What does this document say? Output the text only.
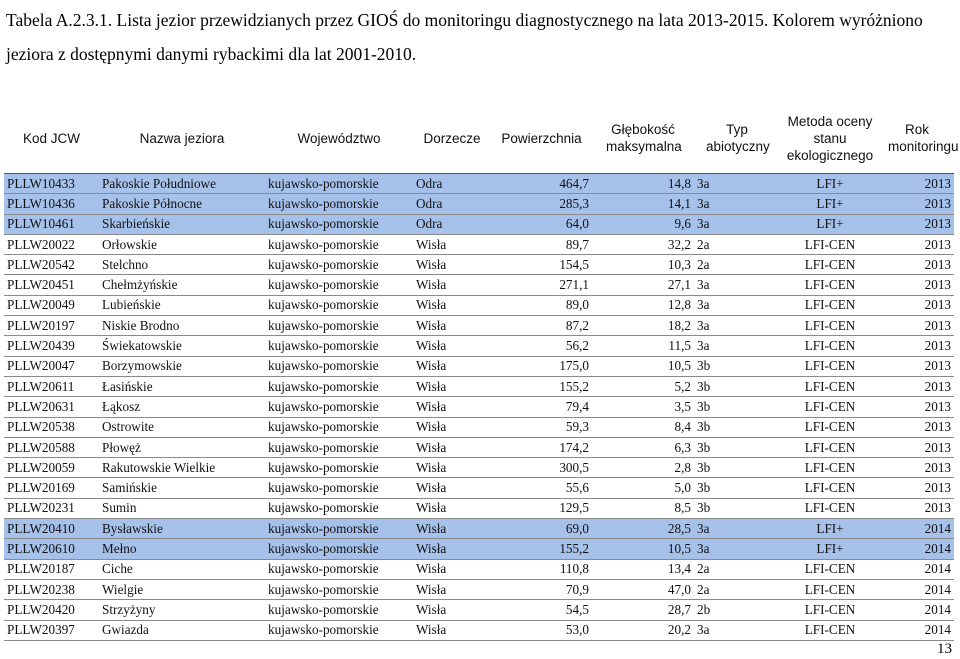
Tabela A.2.3.1. Lista jezior przewidzianych przez GIOŚ do monitoringu diagnostycznego na lata 2013-2015. Kolorem wyróżniono jeziora z dostępnymi danymi rybackimi dla lat 2001-2010.
Kod JCW	Nazwa jeziora	Województwo	Dorzecze	Powierzchnia	Głębokość maksymalna	Typ abiotyczny	Metoda oceny stanu ekologicznego	Rok monitoringu
PLLW10433	Pakoskie Południowe	kujawsko-pomorskie	Odra	464,7	14,8	3a	LFI+	2013
PLLW10436	Pakoskie Północne	kujawsko-pomorskie	Odra	285,3	14,1	3a	LFI+	2013
PLLW10461	Skarbieńskie	kujawsko-pomorskie	Odra	64,0	9,6	3a	LFI+	2013
PLLW20022	Orłowskie	kujawsko-pomorskie	Wisła	89,7	32,2	2a	LFI-CEN	2013
PLLW20542	Stelchno	kujawsko-pomorskie	Wisła	154,5	10,3	2a	LFI-CEN	2013
PLLW20451	Chełmżyńskie	kujawsko-pomorskie	Wisła	271,1	27,1	3a	LFI-CEN	2013
PLLW20049	Lubieńskie	kujawsko-pomorskie	Wisła	89,0	12,8	3a	LFI-CEN	2013
PLLW20197	Niskie Brodno	kujawsko-pomorskie	Wisła	87,2	18,2	3a	LFI-CEN	2013
PLLW20439	Świekatowskie	kujawsko-pomorskie	Wisła	56,2	11,5	3a	LFI-CEN	2013
PLLW20047	Borzymowskie	kujawsko-pomorskie	Wisła	175,0	10,5	3b	LFI-CEN	2013
PLLW20611	Łasińskie	kujawsko-pomorskie	Wisła	155,2	5,2	3b	LFI-CEN	2013
PLLW20631	Łąkosz	kujawsko-pomorskie	Wisła	79,4	3,5	3b	LFI-CEN	2013
PLLW20538	Ostrowite	kujawsko-pomorskie	Wisła	59,3	8,4	3b	LFI-CEN	2013
PLLW20588	Płowęż	kujawsko-pomorskie	Wisła	174,2	6,3	3b	LFI-CEN	2013
PLLW20059	Rakutowskie Wielkie	kujawsko-pomorskie	Wisła	300,5	2,8	3b	LFI-CEN	2013
PLLW20169	Samińskie	kujawsko-pomorskie	Wisła	55,6	5,0	3b	LFI-CEN	2013
PLLW20231	Sumin	kujawsko-pomorskie	Wisła	129,5	8,5	3b	LFI-CEN	2013
PLLW20410	Bysławskie	kujawsko-pomorskie	Wisła	69,0	28,5	3a	LFI+	2014
PLLW20610	Mełno	kujawsko-pomorskie	Wisła	155,2	10,5	3a	LFI+	2014
PLLW20187	Ciche	kujawsko-pomorskie	Wisła	110,8	13,4	2a	LFI-CEN	2014
PLLW20238	Wielgie	kujawsko-pomorskie	Wisła	70,9	47,0	2a	LFI-CEN	2014
PLLW20420	Strzyżyny	kujawsko-pomorskie	Wisła	54,5	28,7	2b	LFI-CEN	2014
PLLW20397	Gwiazda	kujawsko-pomorskie	Wisła	53,0	20,2	3a	LFI-CEN	2014
13
